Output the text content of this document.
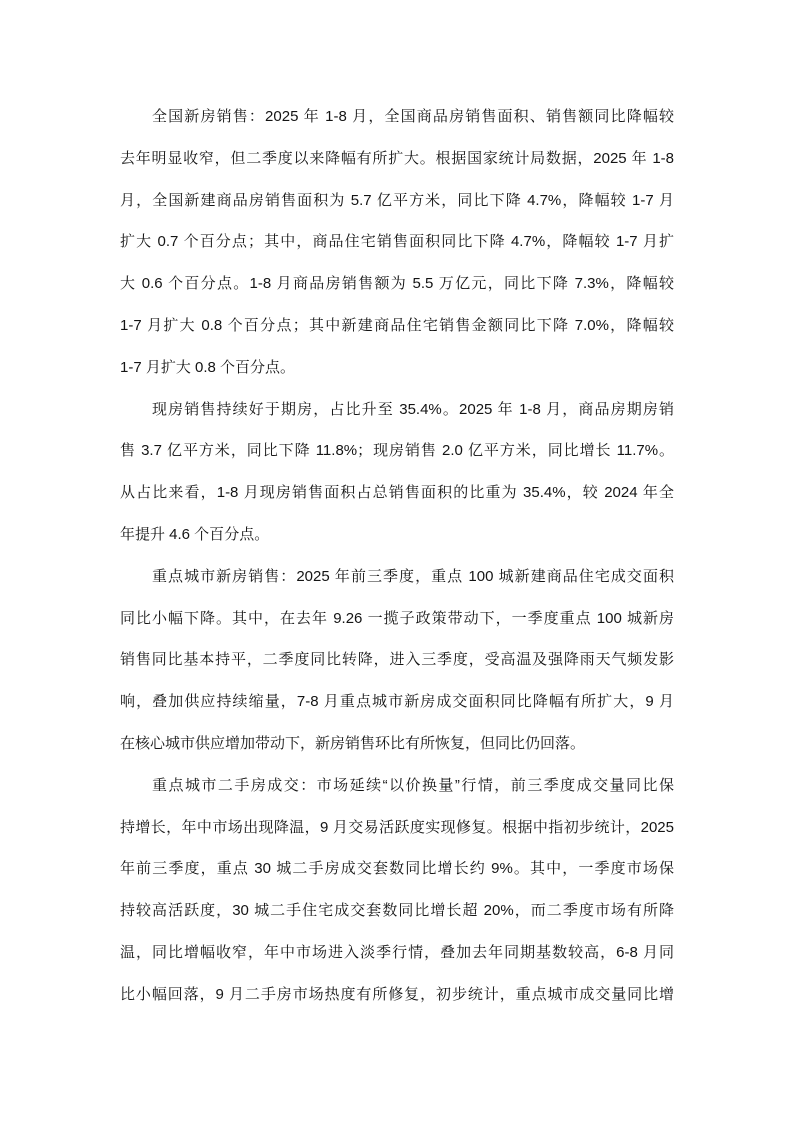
全国新房销售：2025 年 1-8 月，全国商品房销售面积、销售额同比降幅较
去年明显收窄，但二季度以来降幅有所扩大。根据国家统计局数据，2025 年 1-8
月，全国新建商品房销售面积为 5.7 亿平方米，同比下降 4.7%，降幅较 1-7 月
扩大 0.7 个百分点；其中，商品住宅销售面积同比下降 4.7%，降幅较 1-7 月扩
大 0.6 个百分点。1-8 月商品房销售额为 5.5 万亿元，同比下降 7.3%，降幅较
1-7 月扩大 0.8 个百分点；其中新建商品住宅销售金额同比下降 7.0%，降幅较
1-7 月扩大 0.8 个百分点。
现房销售持续好于期房，占比升至 35.4%。2025 年 1-8 月，商品房期房销
售 3.7 亿平方米，同比下降 11.8%；现房销售 2.0 亿平方米，同比增长 11.7%。
从占比来看，1-8 月现房销售面积占总销售面积的比重为 35.4%，较 2024 年全
年提升 4.6 个百分点。
重点城市新房销售：2025 年前三季度，重点 100 城新建商品住宅成交面积
同比小幅下降。其中，在去年 9.26 一揽子政策带动下，一季度重点 100 城新房
销售同比基本持平，二季度同比转降，进入三季度，受高温及强降雨天气频发影
响，叠加供应持续缩量，7-8 月重点城市新房成交面积同比降幅有所扩大，9 月
在核心城市供应增加带动下，新房销售环比有所恢复，但同比仍回落。
重点城市二手房成交：市场延续“以价换量”行情，前三季度成交量同比保
持增长，年中市场出现降温，9 月交易活跃度实现修复。根据中指初步统计，2025
年前三季度，重点 30 城二手房成交套数同比增长约 9%。其中，一季度市场保
持较高活跃度，30 城二手住宅成交套数同比增长超 20%，而二季度市场有所降
温，同比增幅收窄，年中市场进入淡季行情，叠加去年同期基数较高，6-8 月同
比小幅回落，9 月二手房市场热度有所修复，初步统计，重点城市成交量同比增
